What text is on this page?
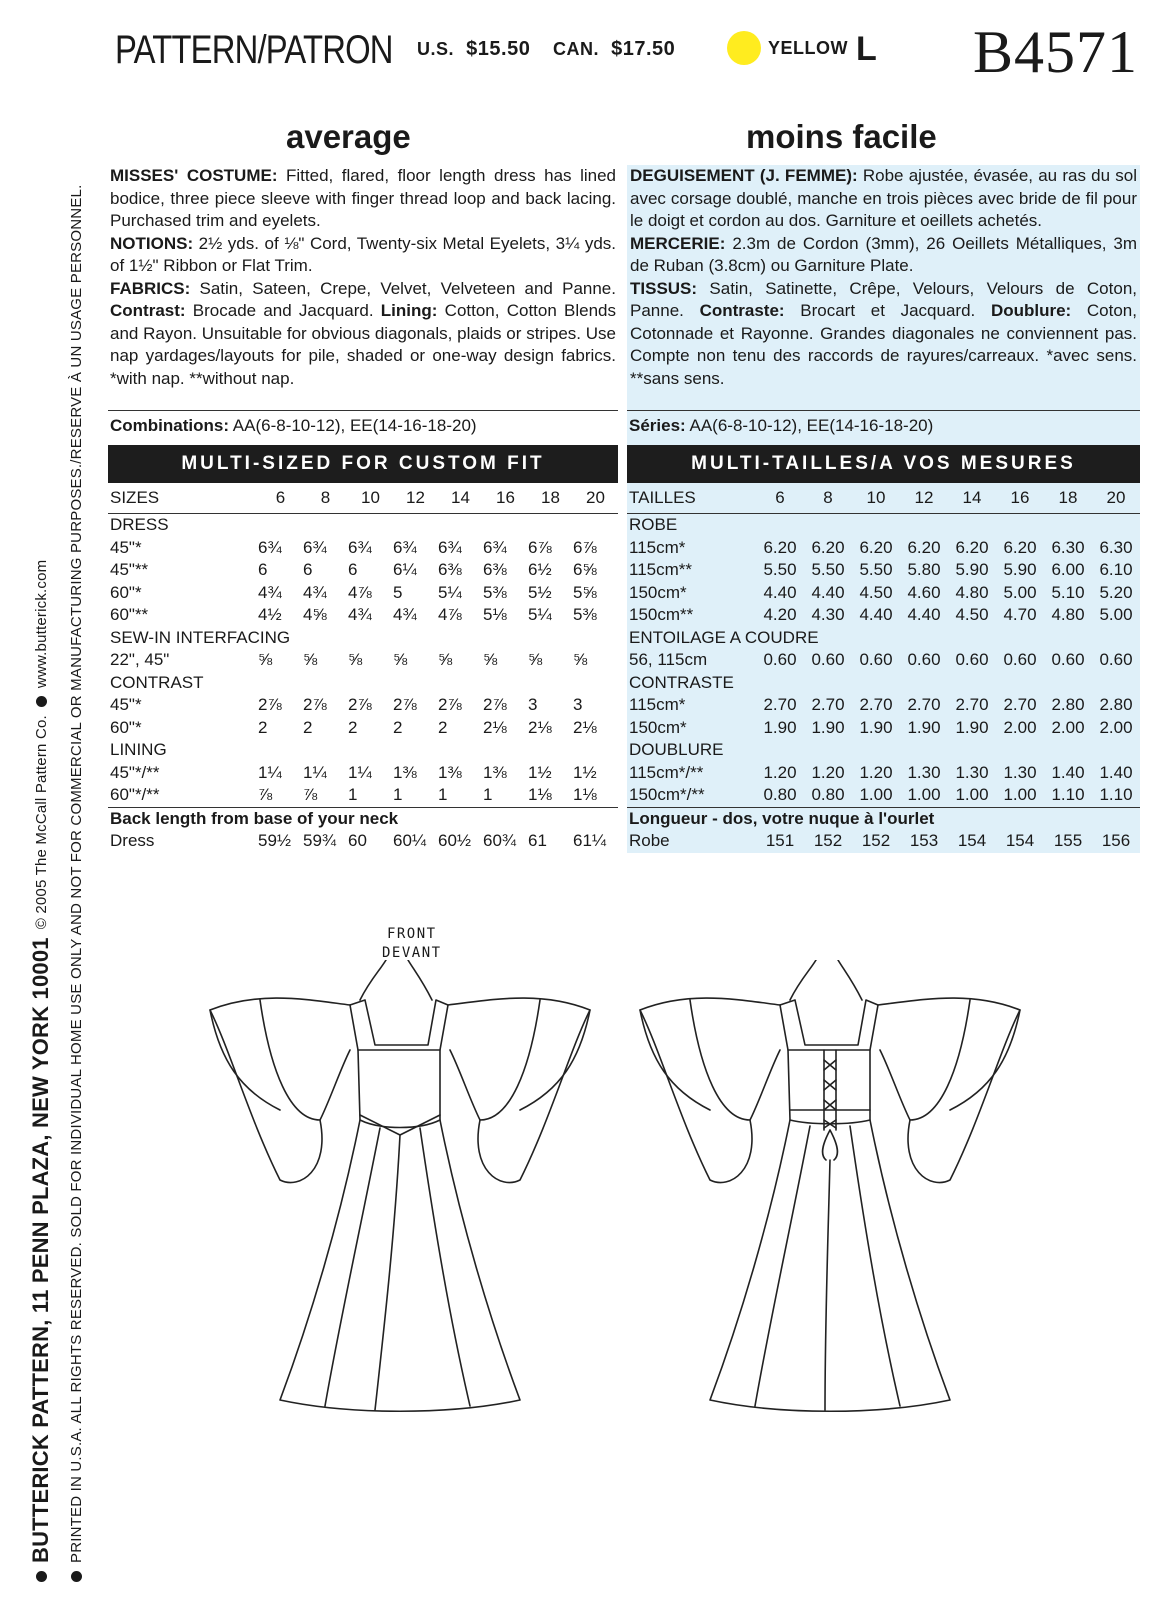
BUTTERICK PATTERN, 11 PENN PLAZA, NEW YORK 10001
© 2005 The McCall Pattern Co.
www.butterick.com PRINTED IN U.S.A. ALL RIGHTS RESERVED. SOLD FOR INDIVIDUAL HOME USE ONLY AND NOT FOR COMMERCIAL OR MANUFACTURING PURPOSES./RESERVE À UN USAGE PERSONNEL.
PATTERN/PATRON U.S. $15.50 CAN. $17.50	YELLOW L B4571
average	moins facile

MISSES' COSTUME: Fitted, flared, floor length dress has lined bodice, three piece sleeve with finger thread loop and back lacing. Purchased trim and eyelets.
NOTIONS: 2½ yds. of ⅛" Cord, Twenty-six Metal Eyelets, 3¼ yds. of 1½" Ribbon or Flat Trim.
FABRICS: Satin, Sateen, Crepe, Velvet, Velveteen and Panne. Contrast: Brocade and Jacquard. Lining: Cotton, Cotton Blends and Rayon. Unsuitable for obvious diagonals, plaids or stripes. Use nap yardages/layouts for pile, shaded or one-way design fabrics. *with nap. **without nap.

Combinations: AA(6-8-10-12), EE(14-16-18-20)
MULTI-SIZED FOR CUSTOM FIT
SIZES	6	8	10	12	14	16	18	20
DRESS								
45"*	6¾	6¾	6¾	6¾	6¾	6¾	6⅞	6⅞
45"**	6	6	6	6¼	6⅜	6⅜	6½	6⅝
60"*	4¾	4¾	4⅞	5	5¼	5⅜	5½	5⅝
60"**	4½	4⅝	4¾	4¾	4⅞	5⅛	5¼	5⅜
SEW-IN INTERFACING								
22", 45"	⅝	⅝	⅝	⅝	⅝	⅝	⅝	⅝
CONTRAST								
45"*	2⅞	2⅞	2⅞	2⅞	2⅞	2⅞	3	3
60"*	2	2	2	2	2	2⅛	2⅛	2⅛
LINING								
45"*/**	1¼	1¼	1¼	1⅜	1⅜	1⅜	1½	1½
60"*/**	⅞	⅞	1	1	1	1	1⅛	1⅛
Back length from base of your neck
Dress	59½	59¾	60	60¼	60½	60¾	61	61¼

DEGUISEMENT (J. FEMME): Robe ajustée, évasée, au ras du sol avec corsage doublé, manche en trois pièces avec bride de fil pour le doigt et cordon au dos. Garniture et oeillets achetés.
MERCERIE: 2.3m de Cordon (3mm), 26 Oeillets Métalliques, 3m de Ruban (3.8cm) ou Garniture Plate.
TISSUS: Satin, Satinette, Crêpe, Velours, Velours de Coton, Panne. Contraste: Brocart et Jacquard. Doublure: Coton, Cotonnade et Rayonne. Grandes diagonales ne conviennent pas. Compte non tenu des raccords de rayures/carreaux. *avec sens. **sans sens.

Séries: AA(6-8-10-12), EE(14-16-18-20)
MULTI-TAILLES/A VOS MESURES
TAILLES	6	8	10	12	14	16	18	20
ROBE								
115cm*	6.20	6.20	6.20	6.20	6.20	6.20	6.30	6.30
115cm**	5.50	5.50	5.50	5.80	5.90	5.90	6.00	6.10
150cm*	4.40	4.40	4.50	4.60	4.80	5.00	5.10	5.20
150cm**	4.20	4.30	4.40	4.40	4.50	4.70	4.80	5.00
ENTOILAGE A COUDRE								
56, 115cm	0.60	0.60	0.60	0.60	0.60	0.60	0.60	0.60
CONTRASTE								
115cm*	2.70	2.70	2.70	2.70	2.70	2.70	2.80	2.80
150cm*	1.90	1.90	1.90	1.90	1.90	2.00	2.00	2.00
DOUBLURE								
115cm*/**	1.20	1.20	1.20	1.30	1.30	1.30	1.40	1.40
150cm*/**	0.80	0.80	1.00	1.00	1.00	1.00	1.10	1.10
Longueur - dos, votre nuque à l'ourlet
Robe	151	152	152	153	154	154	155	156
FRONT
DEVANT
